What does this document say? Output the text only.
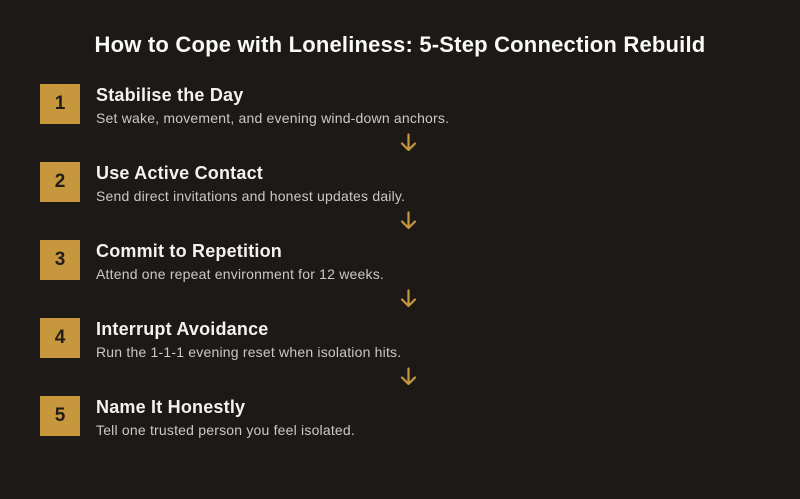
How to Cope with Loneliness: 5-Step Connection Rebuild
1 Stabilise the Day
Set wake, movement, and evening wind-down anchors.
2 Use Active Contact
Send direct invitations and honest updates daily.
3 Commit to Repetition
Attend one repeat environment for 12 weeks.
4 Interrupt Avoidance
Run the 1-1-1 evening reset when isolation hits.
5 Name It Honestly
Tell one trusted person you feel isolated.
